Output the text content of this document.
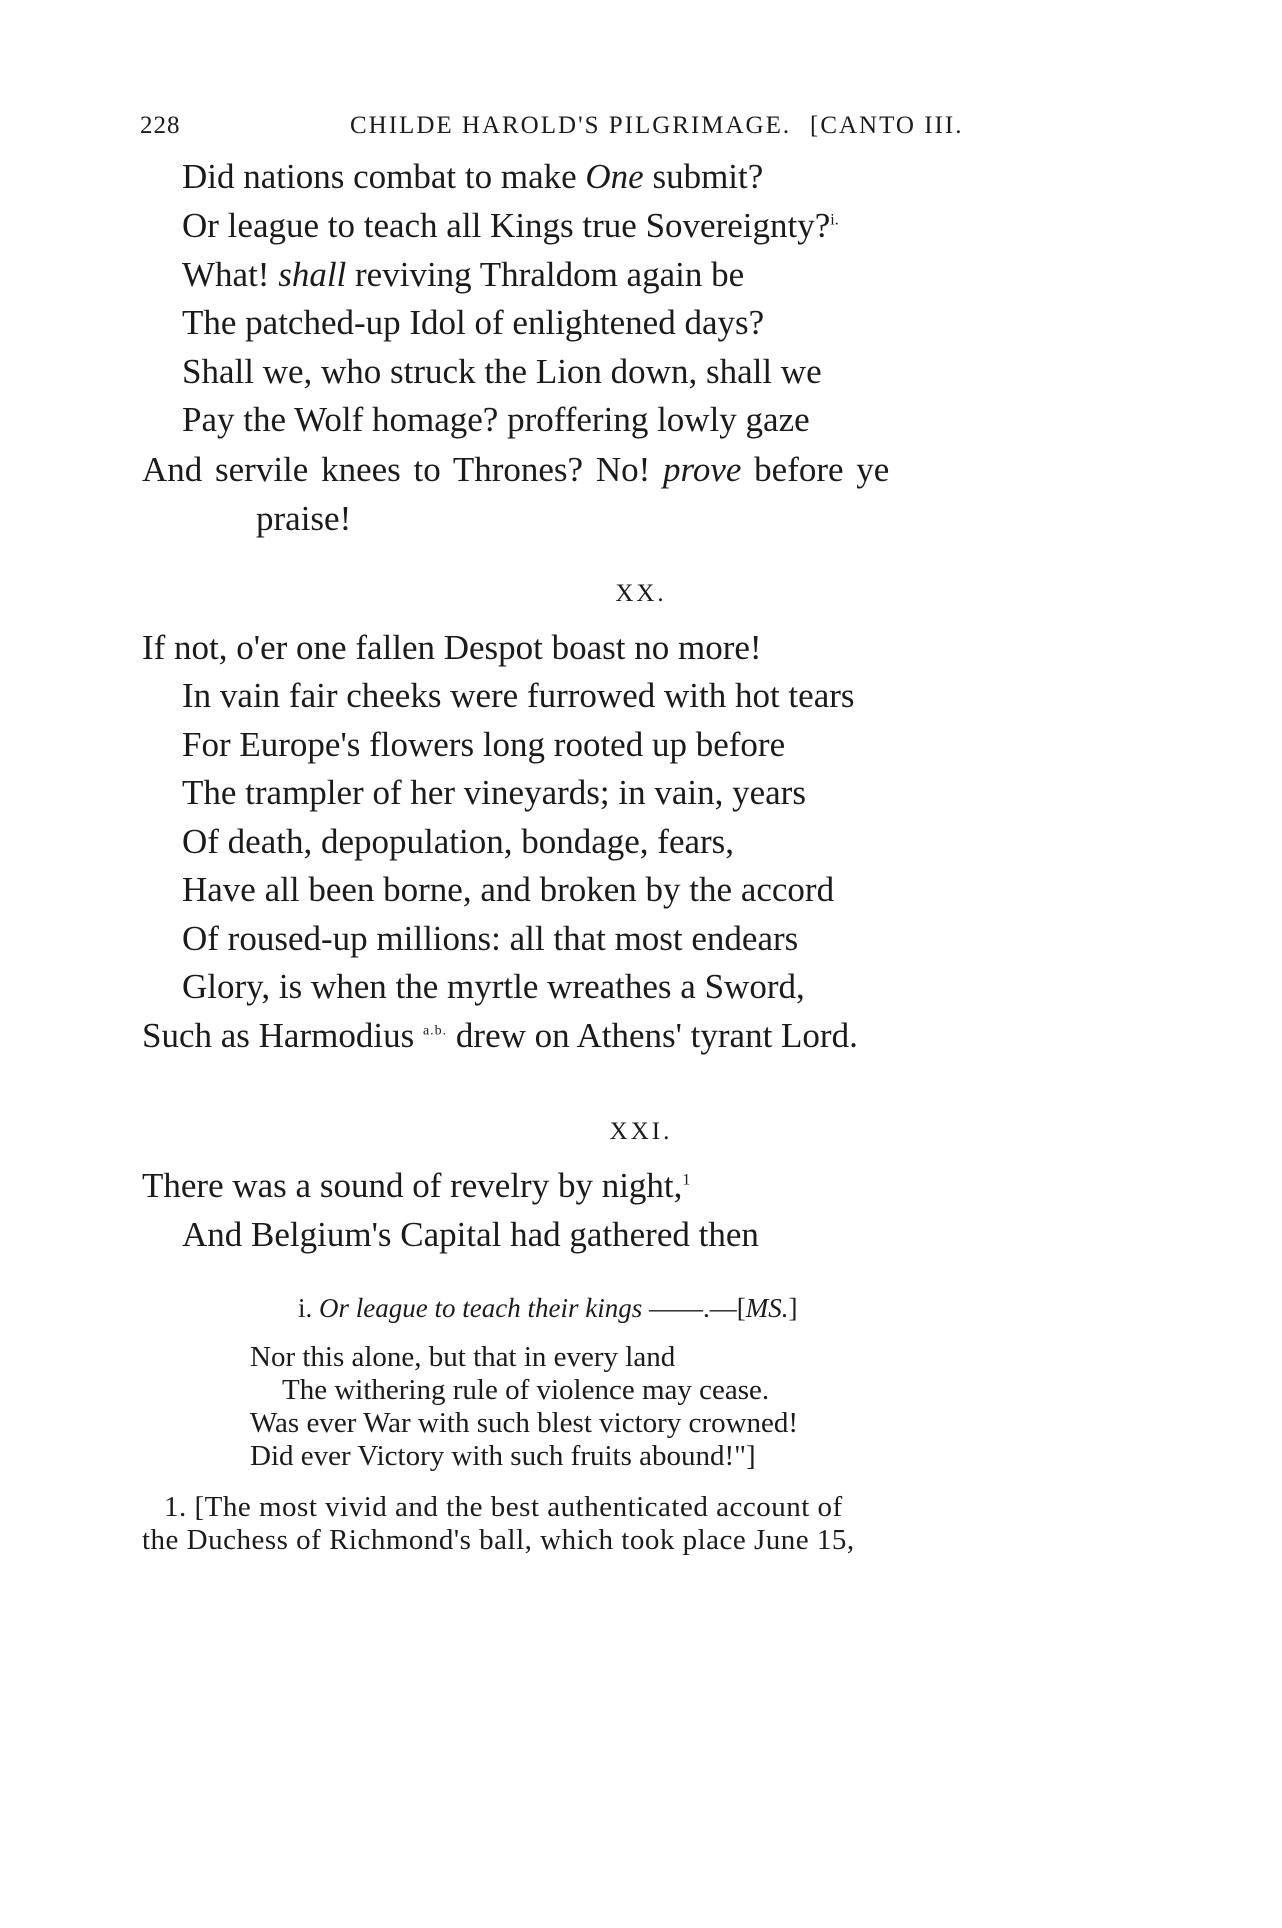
228	CHILDE HAROLD'S PILGRIMAGE. [CANTO III.
Did nations combat to make One submit?
Or league to teach all Kings true Sovereignty?$^{i.}$
What! shall reviving Thraldom again be
The patched-up Idol of enlightened days?
Shall we, who struck the Lion down, shall we
Pay the Wolf homage? proffering lowly gaze
And servile knees to Thrones? No! prove before ye
praise!
XX.
If not, o'er one fallen Despot boast no more!
In vain fair cheeks were furrowed with hot tears
For Europe's flowers long rooted up before
The trampler of her vineyards; in vain, years
Of death, depopulation, bondage, fears,
Have all been borne, and broken by the accord
Of roused-up millions: all that most endears
Glory, is when the myrtle wreathes a Sword,
Such as Harmodius $^{a.b.}$ drew on Athens' tyrant Lord.
XXI.
There was a sound of revelry by night,$^1$
And Belgium's Capital had gathered then
i. Or league to teach their kings ——.—[MS.]
Nor this alone, but that in every land
The withering rule of violence may cease.
Was ever War with such blest victory crowned!
Did ever Victory with such fruits abound!"]
1. [The most vivid and the best authenticated account of
the Duchess of Richmond's ball, which took place June 15,
